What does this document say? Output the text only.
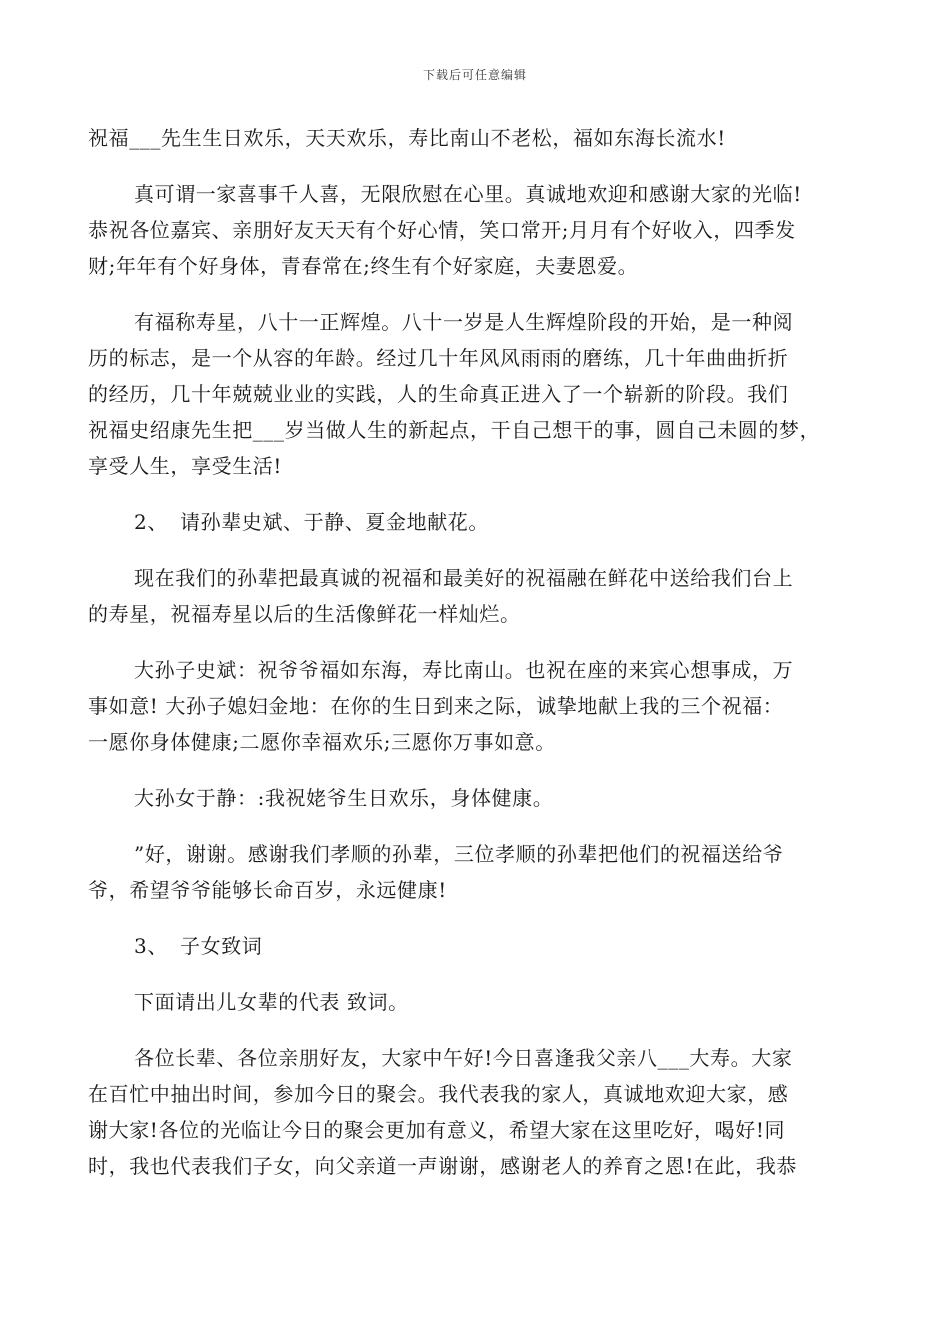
下载后可任意编辑

祝福___先生生日欢乐，天天欢乐，寿比南山不老松，福如东海长流水!

真可谓一家喜事千人喜，无限欣慰在心里。真诚地欢迎和感谢大家的光临!
恭祝各位嘉宾、亲朋好友天天有个好心情，笑口常开;月月有个好收入，四季发
财;年年有个好身体，青春常在;终生有个好家庭，夫妻恩爱。

有福称寿星，八十一正辉煌。八十一岁是人生辉煌阶段的开始，是一种阅
历的标志，是一个从容的年龄。经过几十年风风雨雨的磨练，几十年曲曲折折
的经历，几十年兢兢业业的实践，人的生命真正进入了一个崭新的阶段。我们
祝福史绍康先生把___岁当做人生的新起点，干自己想干的事，圆自己未圆的梦，
享受人生，享受生活!

2、 请孙辈史斌、于静、夏金地献花。

现在我们的孙辈把最真诚的祝福和最美好的祝福融在鲜花中送给我们台上
的寿星，祝福寿星以后的生活像鲜花一样灿烂。

大孙子史斌：祝爷爷福如东海，寿比南山。也祝在座的来宾心想事成，万
事如意! 大孙子媳妇金地：在你的生日到来之际，诚挚地献上我的三个祝福：
一愿你身体健康;二愿你幸福欢乐;三愿你万事如意。

大孙女于静：:我祝姥爷生日欢乐，身体健康。

”好，谢谢。感谢我们孝顺的孙辈，三位孝顺的孙辈把他们的祝福送给爷
爷，希望爷爷能够长命百岁，永远健康!

3、 子女致词

下面请出儿女辈的代表 致词。

各位长辈、各位亲朋好友，大家中午好!今日喜逢我父亲八___大寿。大家
在百忙中抽出时间，参加今日的聚会。我代表我的家人，真诚地欢迎大家，感
谢大家!各位的光临让今日的聚会更加有意义，希望大家在这里吃好，喝好!同
时，我也代表我们子女，向父亲道一声谢谢，感谢老人的养育之恩!在此，我恭
